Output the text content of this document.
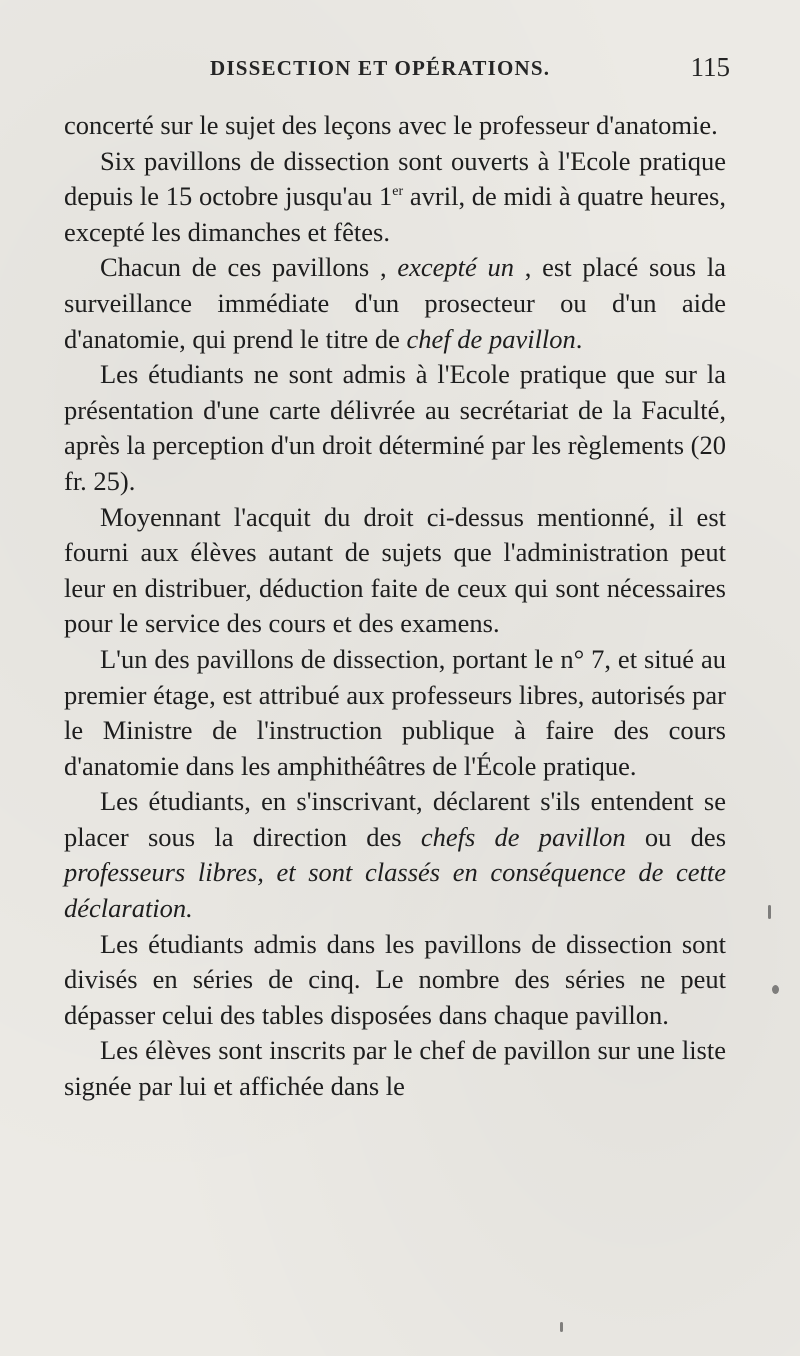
DISSECTION ET OPÉRATIONS.	115

concerté sur le sujet des leçons avec le professeur d'anatomie.

Six pavillons de dissection sont ouverts à l'Ecole pratique depuis le 15 octobre jusqu'au 1er avril, de midi à quatre heures, excepté les dimanches et fêtes.

Chacun de ces pavillons , excepté un , est placé sous la surveillance immédiate d'un prosecteur ou d'un aide d'anatomie, qui prend le titre de chef de pavillon.

Les étudiants ne sont admis à l'Ecole pratique que sur la présentation d'une carte délivrée au secrétariat de la Faculté, après la perception d'un droit déterminé par les règlements (20 fr. 25).

Moyennant l'acquit du droit ci-dessus mentionné, il est fourni aux élèves autant de sujets que l'administration peut leur en distribuer, déduction faite de ceux qui sont nécessaires pour le service des cours et des examens.

L'un des pavillons de dissection, portant le n° 7, et situé au premier étage, est attribué aux professeurs libres, autorisés par le Ministre de l'instruction publique à faire des cours d'anatomie dans les amphithéâtres de l'École pratique.

Les étudiants, en s'inscrivant, déclarent s'ils entendent se placer sous la direction des chefs de pavillon ou des professeurs libres, et sont classés en conséquence de cette déclaration.

Les étudiants admis dans les pavillons de dissection sont divisés en séries de cinq. Le nombre des séries ne peut dépasser celui des tables disposées dans chaque pavillon.

Les élèves sont inscrits par le chef de pavillon sur une liste signée par lui et affichée dans le
